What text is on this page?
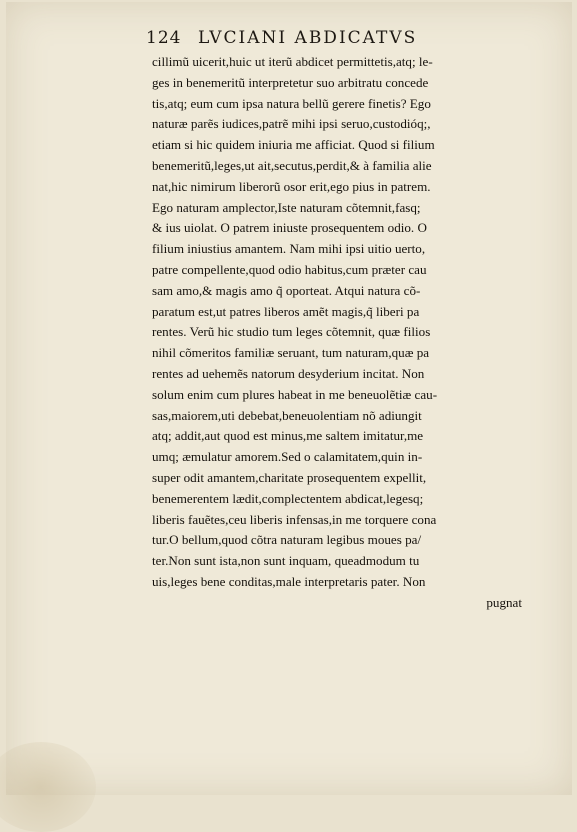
124 LVCIANI ABDICATVS
cillimũ uicerit,huic ut iterũ abdicet permittetis,atq; le-
ges in benemeritũ interpretetur suo arbitratu concede
tis,atq; eum cum ipsa natura bellũ gerere finetis? Ego
naturæ parẽs iudices,patrẽ mihi ipsi seruo,custodióq;,
etiam si hic quidem iniuria me afficiat. Quod si filium
benemeritũ,leges,ut ait,secutus,perdit,& à familia alie
nat,hic nimirum liberorũ osor erit,ego pius in patrem.
Ego naturam amplector,Iste naturam cõtemnit,fasq;
& ius uiolat. O patrem iniuste prosequentem odio. O
filium iniustius amantem. Nam mihi ipsi uitio uerto,
patre compellente,quod odio habitus,cum præter cau
sam amo,& magis amo q̃ oporteat. Atqui natura cõ-
paratum est,ut patres liberos amẽt magis,q̃ liberi pa
rentes. Verũ hic studio tum leges cõtemnit, quæ filios
nihil cõmeritos familiæ seruant, tum naturam,quæ pa
rentes ad uehemẽs natorum desyderium incitat. Non
solum enim cum plures habeat in me beneuolẽtiæ cau-
sas,maiorem,uti debebat,beneuolentiam nõ adiungit
atq; addit,aut quod est minus,me saltem imitatur,me
umq; æmulatur amorem.Sed o calamitatem,quin in-
super odit amantem,charitate prosequentem expellit,
benemerentem lædit,complectentem abdicat,legesq;
liberis fauẽtes,ceu liberis infensas,in me torquere cona
tur.O bellum,quod cõtra naturam legibus moues pa/
ter.Non sunt ista,non sunt inquam, queadmodum tu
uis,leges bene conditas,male interpretaris pater. Non
pugnat
